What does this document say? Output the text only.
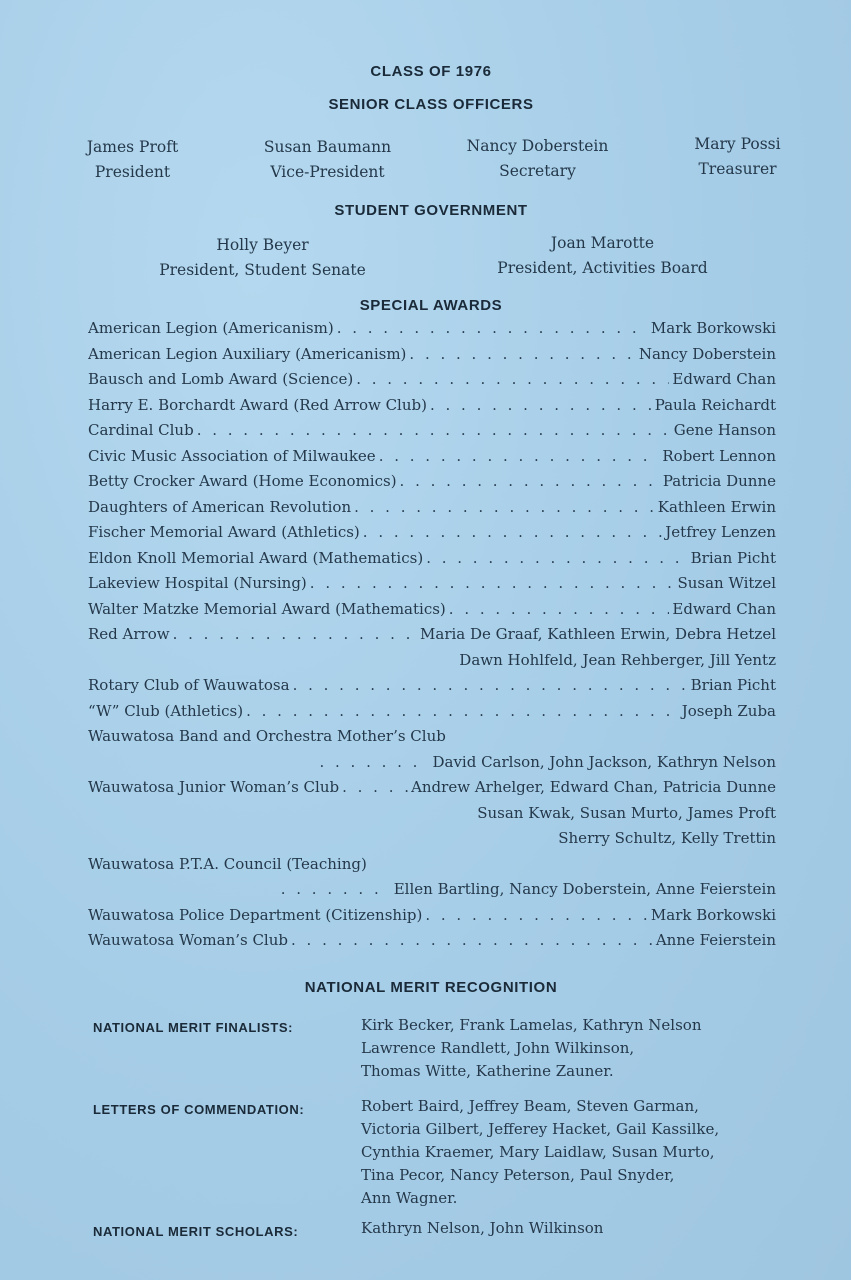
CLASS OF 1976
SENIOR CLASS OFFICERS
James Proft
President
Susan Baumann
Vice-President
Nancy Doberstein
Secretary
Mary Possi
Treasurer
STUDENT GOVERNMENT
Holly Beyer
President, Student Senate
Joan Marotte
President, Activities Board
SPECIAL AWARDS
American Legion (Americanism) . . .	Mark Borkowski
American Legion Auxiliary (Americanism) . . .	Nancy Doberstein
Bausch and Lomb Award (Science) . . .	Edward Chan
Harry E. Borchardt Award (Red Arrow Club) . . .	Paula Reichardt
Cardinal Club . . .	Gene Hanson
Civic Music Association of Milwaukee . . .	Robert Lennon
Betty Crocker Award (Home Economics) . . .	Patricia Dunne
Daughters of American Revolution . . .	Kathleen Erwin
Fischer Memorial Award (Athletics) . . .	Jetfrey Lenzen
Eldon Knoll Memorial Award (Mathematics) . . .	Brian Picht
Lakeview Hospital (Nursing) . . .	Susan Witzel
Walter Matzke Memorial Award (Mathematics) . . .	Edward Chan
Red Arrow . . .	Maria De Graaf, Kathleen Erwin, Debra Hetzel
Dawn Hohlfeld, Jean Rehberger, Jill Yentz
Rotary Club of Wauwatosa . . .	Brian Picht
“W” Club (Athletics) . . .	Joseph Zuba
Wauwatosa Band and Orchestra Mother’s Club
. . .
David Carlson, John Jackson, Kathryn Nelson
Wauwatosa Junior Woman’s Club . . .	Andrew Arhelger, Edward Chan, Patricia Dunne
Susan Kwak, Susan Murto, James Proft
Sherry Schultz, Kelly Trettin
Wauwatosa P.T.A. Council (Teaching)
. . .
Ellen Bartling, Nancy Doberstein, Anne Feierstein
Wauwatosa Police Department (Citizenship) . . .	Mark Borkowski
Wauwatosa Woman’s Club . . .	Anne Feierstein
NATIONAL MERIT RECOGNITION
NATIONAL MERIT FINALISTS:	Kirk Becker, Frank Lamelas, Kathryn Nelson
Lawrence Randlett, John Wilkinson,
Thomas Witte, Katherine Zauner.
LETTERS OF COMMENDATION:	Robert Baird, Jeffrey Beam, Steven Garman,
Victoria Gilbert, Jefferey Hacket, Gail Kassilke,
Cynthia Kraemer, Mary Laidlaw, Susan Murto,
Tina Pecor, Nancy Peterson, Paul Snyder,
Ann Wagner.
NATIONAL MERIT SCHOLARS:	Kathryn Nelson, John Wilkinson
